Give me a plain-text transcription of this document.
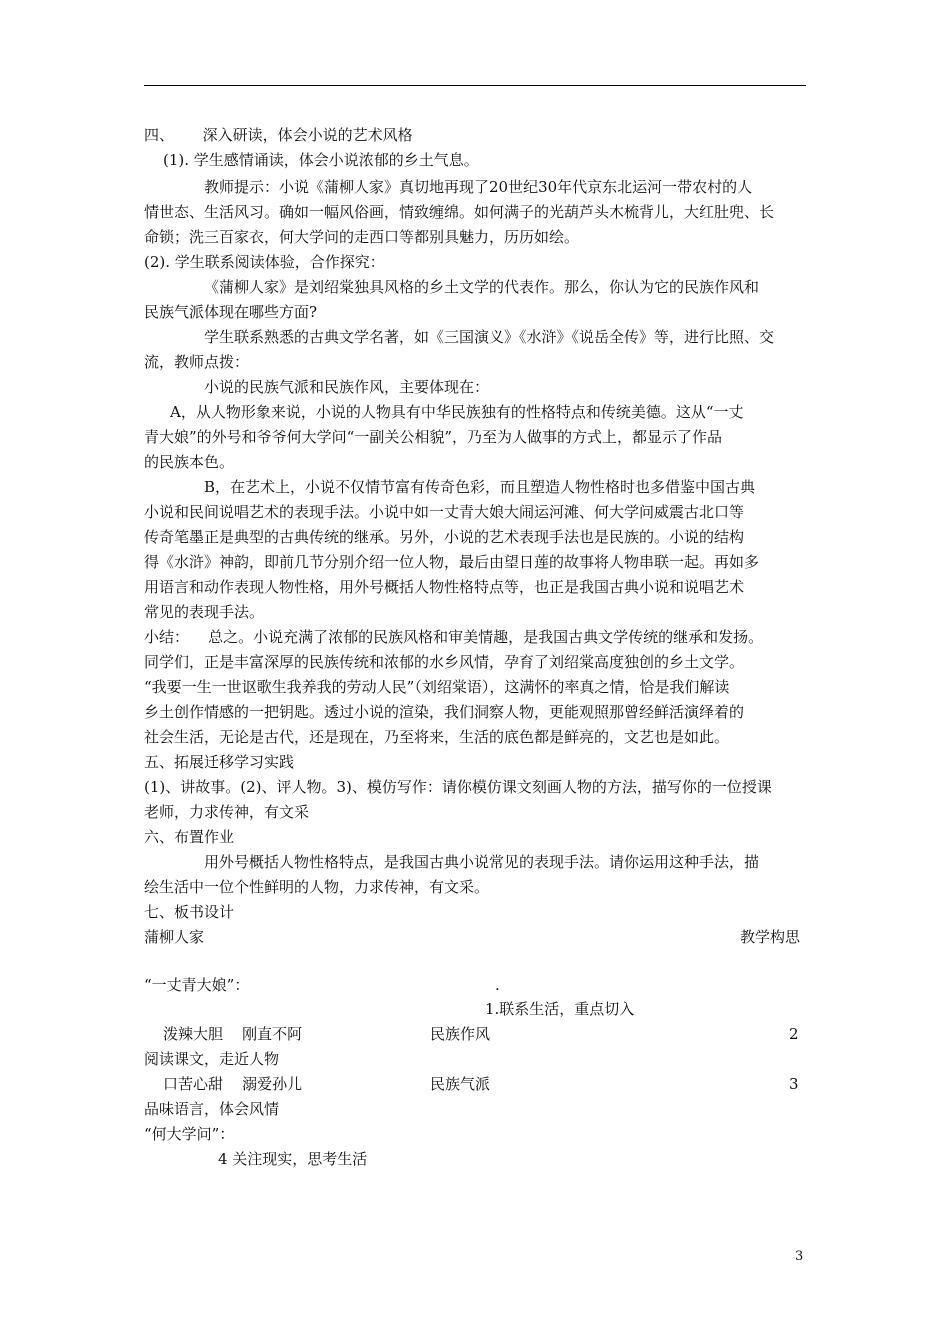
四、      深入研读，体会小说的艺术风格
(1). 学生感情诵读，体会小说浓郁的乡土气息。
教师提示：小说《蒲柳人家》真切地再现了20世纪30年代京东北运河一带农村的人
情世态、生活风习。确如一幅风俗画，情致缠绵。如何满子的光葫芦头木梳背儿，大红肚兜、长
命锁；洗三百家衣，何大学问的走西口等都别具魅力，历历如绘。
(2). 学生联系阅读体验，合作探究：
《蒲柳人家》是刘绍棠独具风格的乡土文学的代表作。那么，你认为它的民族作风和
民族气派体现在哪些方面?
学生联系熟悉的古典文学名著，如《三国演义》《水浒》《说岳全传》等，进行比照、交
流，教师点拨：
小说的民族气派和民族作风，主要体现在：
A，从人物形象来说，小说的人物具有中华民族独有的性格特点和传统美德。这从“一丈
青大娘”的外号和爷爷何大学问“一副关公相貌”，乃至为人做事的方式上，都显示了作品
的民族本色。
B，在艺术上，小说不仅情节富有传奇色彩，而且塑造人物性格时也多借鉴中国古典
小说和民间说唱艺术的表现手法。小说中如一丈青大娘大闹运河滩、何大学问威震古北口等
传奇笔墨正是典型的古典传统的继承。另外，小说的艺术表现手法也是民族的。小说的结构
得《水浒》神韵，即前几节分别介绍一位人物，最后由望日莲的故事将人物串联一起。再如多
用语言和动作表现人物性格，用外号概括人物性格特点等，也正是我国古典小说和说唱艺术
常见的表现手法。
小结：    总之。小说充满了浓郁的民族风格和审美情趣，是我国古典文学传统的继承和发扬。
同学们，正是丰富深厚的民族传统和浓郁的水乡风情，孕育了刘绍棠高度独创的乡土文学。
“我要一生一世讴歌生我养我的劳动人民”（刘绍棠语），这满怀的率真之情，恰是我们解读
乡土创作情感的一把钥匙。透过小说的渲染，我们洞察人物，更能观照那曾经鲜活演绎着的
社会生活，无论是古代，还是现在，乃至将来，生活的底色都是鲜亮的，文艺也是如此。
五、拓展迁移学习实践
(1)、讲故事。(2)、评人物。3)、模仿写作：请你模仿课文刻画人物的方法，描写你的一位授课
老师，力求传神，有文采
六、布置作业
用外号概括人物性格特点，是我国古典小说常见的表现手法。请你运用这种手法，描
绘生活中一位个性鲜明的人物，力求传神，有文采。
七、板书设计
蒲柳人家	教学构思
“一丈青大娘”：	.
1.联系生活，重点切入
泼辣大胆    刚直不阿	民族作风	2
阅读课文，走近人物
口苦心甜    溺爱孙儿	民族气派	3
品味语言，体会风情
“何大学问”：
4 关注现实，思考生活
3
